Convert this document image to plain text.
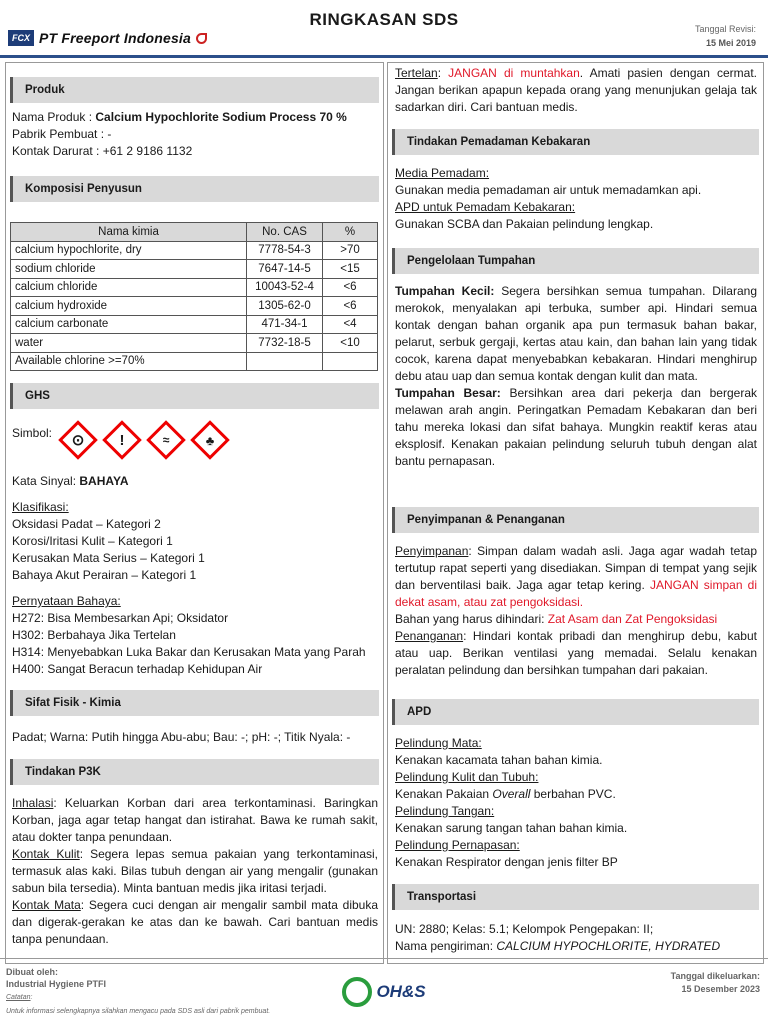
RINGKASAN SDS
FCX PT Freeport Indonesia
Tanggal Revisi:
15 Mei 2019
Produk
Nama Produk : Calcium Hypochlorite Sodium Process 70 %
Pabrik Pembuat : -
Kontak Darurat : +61 2 9186 1132
Komposisi Penyusun
Nama kimia	No. CAS	%
calcium hypochlorite, dry	7778-54-3	>70
sodium chloride	7647-14-5	<15
calcium chloride	10043-52-4	<6
calcium hydroxide	1305-62-0	<6
calcium carbonate	471-34-1	<4
water	7732-18-5	<10
Available chlorine >=70%		
GHS
Simbol:	⊙	!	≈	♣
Kata Sinyal: BAHAYA
Klasifikasi:
Oksidasi Padat – Kategori 2
Korosi/Iritasi Kulit – Kategori 1
Kerusakan Mata Serius – Kategori 1
Bahaya Akut Perairan – Kategori 1
Pernyataan Bahaya:
H272: Bisa Membesarkan Api; Oksidator
H302: Berbahaya Jika Tertelan
H314: Menyebabkan Luka Bakar dan Kerusakan Mata yang Parah
H400: Sangat Beracun terhadap Kehidupan Air
Sifat Fisik - Kimia
Padat; Warna: Putih hingga Abu-abu; Bau: -; pH: -; Titik Nyala: -
Tindakan P3K
Inhalasi: Keluarkan Korban dari area terkontaminasi. Baringkan Korban, jaga agar tetap hangat dan istirahat. Bawa ke rumah sakit, atau dokter tanpa penundaan.
Kontak Kulit: Segera lepas semua pakaian yang terkontaminasi, termasuk alas kaki. Bilas tubuh dengan air yang mengalir (gunakan sabun bila tersedia). Minta bantuan medis jika iritasi terjadi.
Kontak Mata: Segera cuci dengan air mengalir sambil mata dibuka dan digerak-gerakan ke atas dan ke bawah. Cari bantuan medis tanpa penundaan.
Tertelan: JANGAN di muntahkan. Amati pasien dengan cermat. Jangan berikan apapun kepada orang yang menunjukan gelaja tak sadarkan diri. Cari bantuan medis.
Tindakan Pemadaman Kebakaran
Media Pemadam:
Gunakan media pemadaman air untuk memadamkan api.
APD untuk Pemadam Kebakaran:
Gunakan SCBA dan Pakaian pelindung lengkap.
Pengelolaan Tumpahan
Tumpahan Kecil: Segera bersihkan semua tumpahan. Dilarang merokok, menyalakan api terbuka, sumber api. Hindari semua kontak dengan bahan organik apa pun termasuk bahan bakar, pelarut, serbuk gergaji, kertas atau kain, dan bahan lain yang tidak cocok, karena dapat menyebabkan kebakaran. Hindari menghirup debu atau uap dan semua kontak dengan kulit dan mata.
Tumpahan Besar: Bersihkan area dari pekerja dan bergerak melawan arah angin. Peringatkan Pemadam Kebakaran dan beri tahu mereka lokasi dan sifat bahaya. Mungkin reaktif keras atau eksplosif. Kenakan pakaian pelindung seluruh tubuh dengan alat bantu pernapasan.
Penyimpanan & Penanganan
Penyimpanan: Simpan dalam wadah asli. Jaga agar wadah tetap tertutup rapat seperti yang disediakan. Simpan di tempat yang sejik dan berventilasi baik. Jaga agar tetap kering. JANGAN simpan di dekat asam, atau zat pengoksidasi.
Bahan yang harus dihindari: Zat Asam dan Zat Pengoksidasi
Penanganan: Hindari kontak pribadi dan menghirup debu, kabut atau uap. Berikan ventilasi yang memadai. Selalu kenakan peralatan pelindung dan bersihkan tumpahan dari pakaian.
APD
Pelindung Mata:
Kenakan kacamata tahan bahan kimia.
Pelindung Kulit dan Tubuh:
Kenakan Pakaian Overall berbahan PVC.
Pelindung Tangan:
Kenakan sarung tangan tahan bahan kimia.
Pelindung Pernapasan:
Kenakan Respirator dengan jenis filter BP
Transportasi
UN: 2880; Kelas: 5.1; Kelompok Pengepakan: II;
Nama pengiriman: CALCIUM HYPOCHLORITE, HYDRATED
Dibuat oleh:
Industrial Hygiene PTFI
Catatan:
Untuk informasi selengkapnya silahkan mengacu pada SDS asli dari pabrik pembuat.
OH&S
Tanggal dikeluarkan:
15 Desember 2023
